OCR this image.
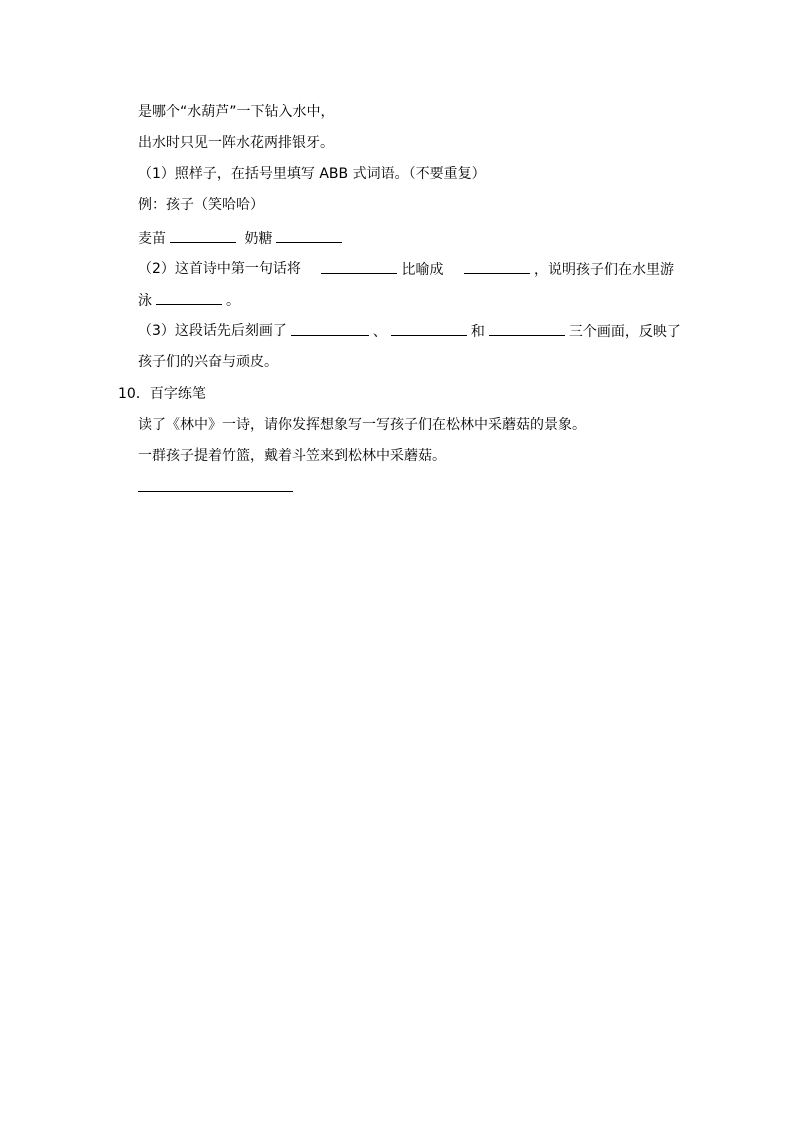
是哪个“水葫芦”一下钻入水中，
出水时只见一阵水花两排银牙。
（1）照样子，在括号里填写 ABB 式词语。（不要重复）
例：孩子（笑哈哈）
麦苗	奶糖
（2）这首诗中第一句话将	比喻成	，说明孩子们在水里游
泳	。
（3）这段话先后刻画了	、	和	三个画面，反映了
孩子们的兴奋与顽皮。
10．百字练笔
读了《林中》一诗，请你发挥想象写一写孩子们在松林中采蘑菇的景象。
一群孩子提着竹篮，戴着斗笠来到松林中采蘑菇。
